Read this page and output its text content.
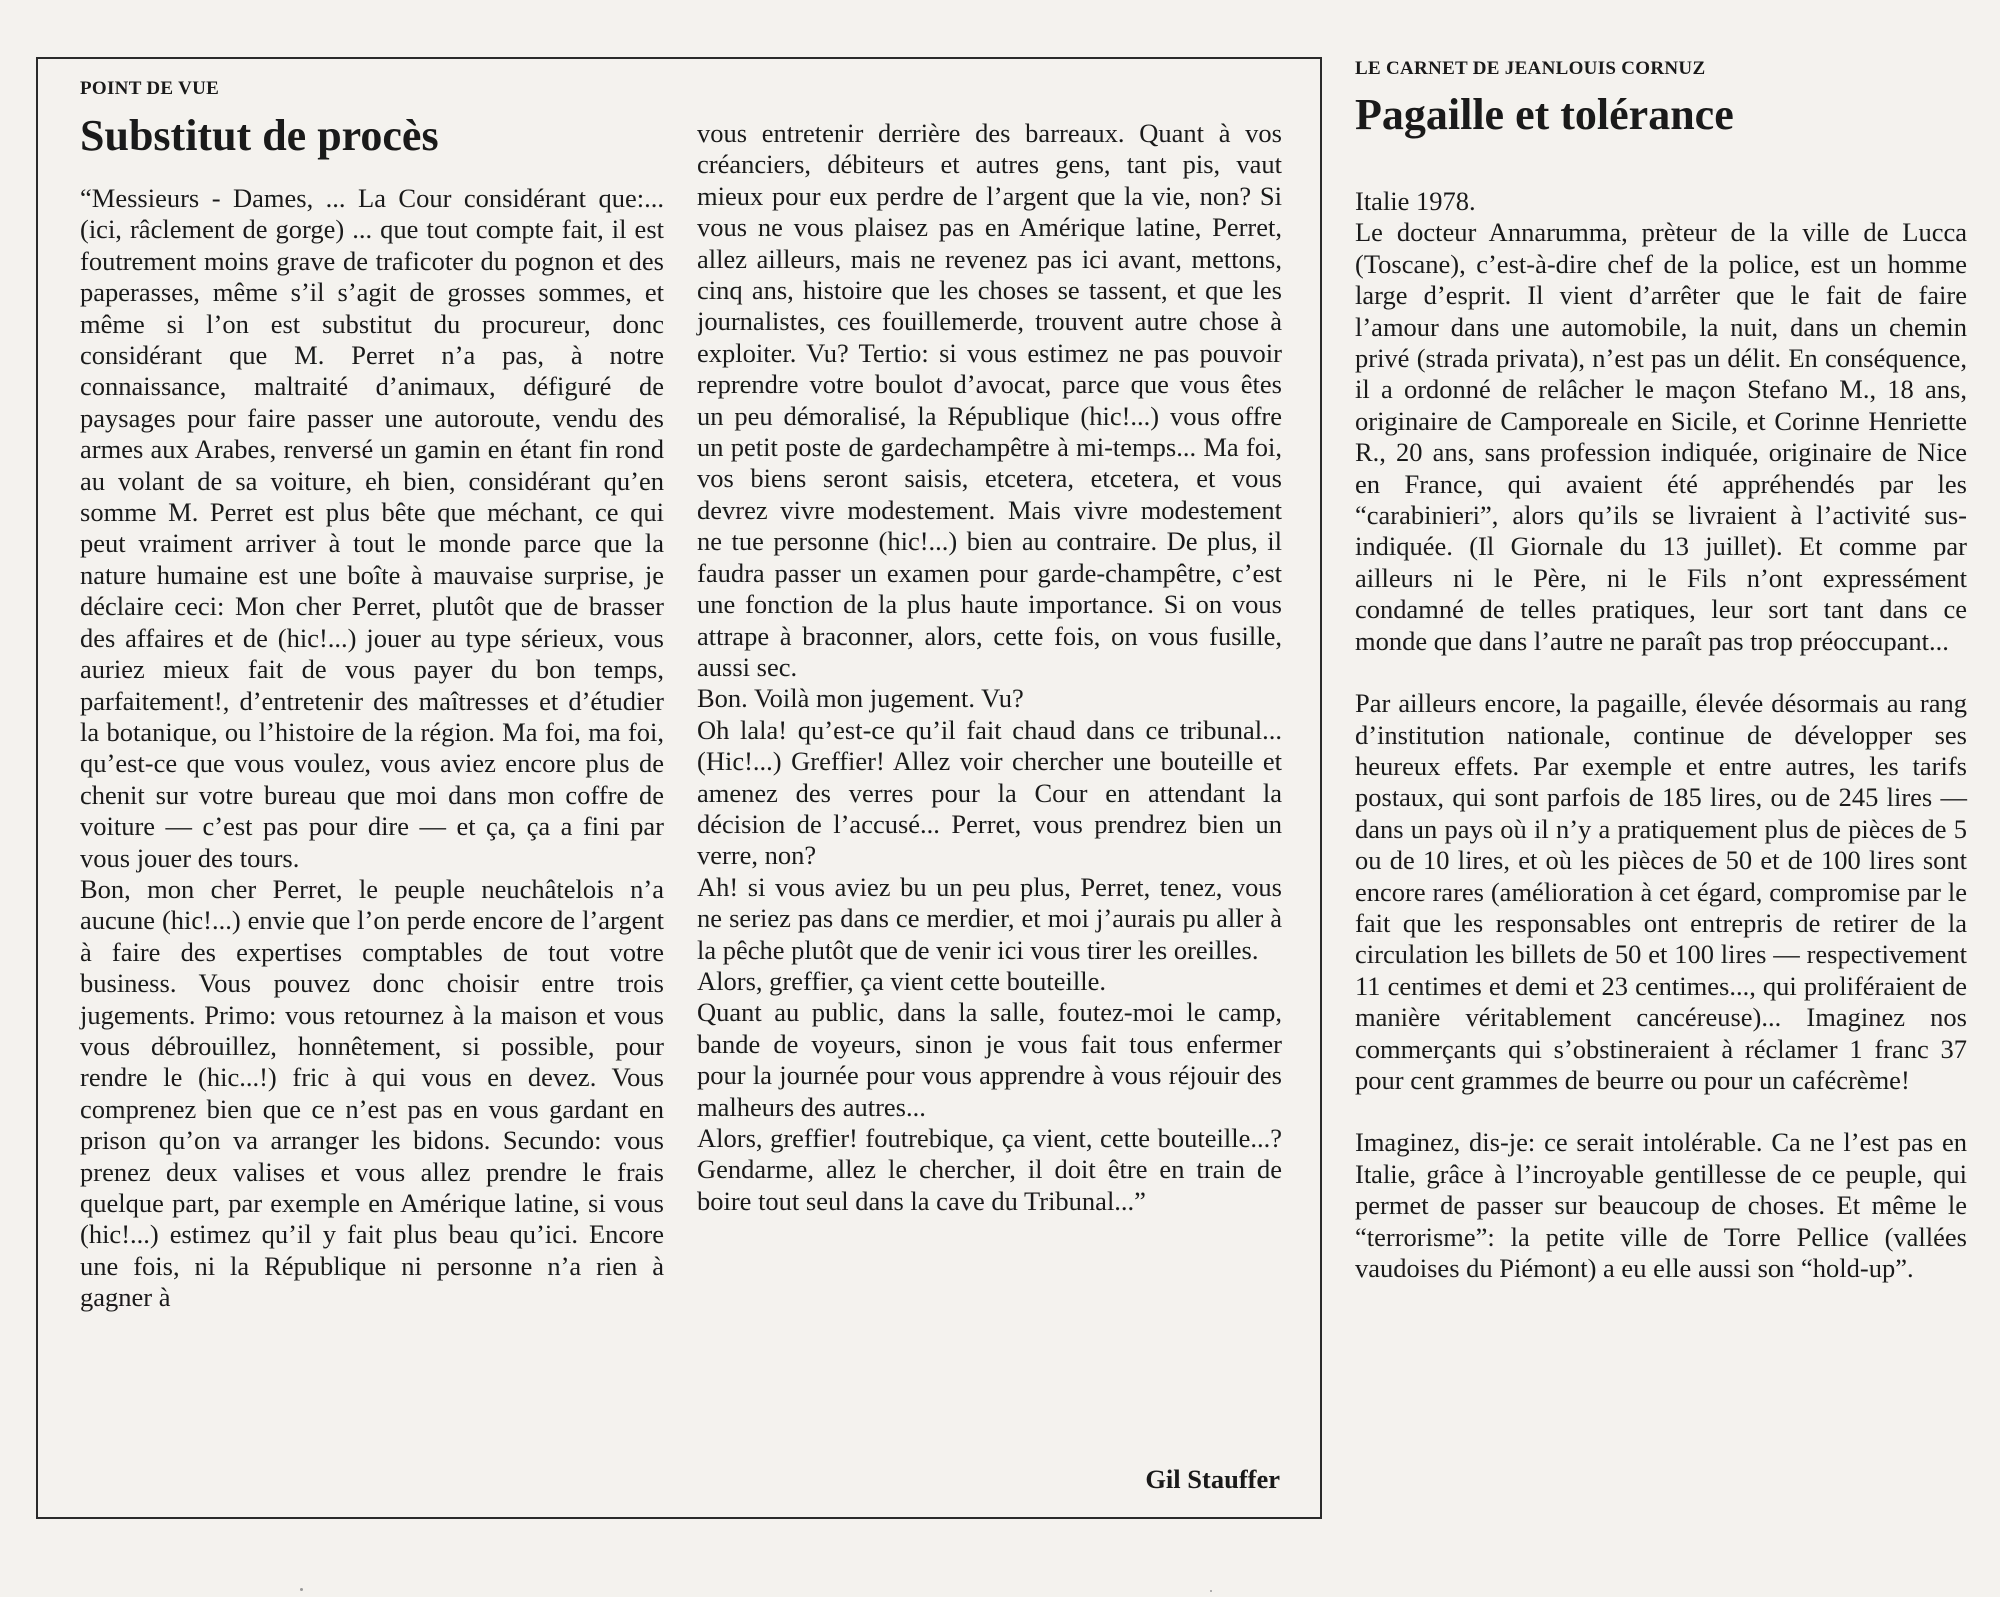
POINT DE VUE
Substitut de procès

“Messieurs - Dames, ... La Cour considérant que:... (ici, râclement de gorge) ... que tout compte fait, il est foutrement moins grave de traficoter du pognon et des paperasses, même s’il s’agit de grosses sommes, et même si l’on est substitut du procureur, donc considérant que M. Perret n’a pas, à notre connaissance, maltraité d’animaux, défiguré de paysages pour faire passer une autoroute, vendu des armes aux Arabes, renversé un gamin en étant fin rond au volant de sa voiture, eh bien, considérant qu’en somme M. Perret est plus bête que méchant, ce qui peut vraiment arriver à tout le monde parce que la nature humaine est une boîte à mauvaise surprise, je déclaire ceci: Mon cher Perret, plutôt que de brasser des affaires et de (hic!...) jouer au type sérieux, vous auriez mieux fait de vous payer du bon temps, parfaitement!, d’entretenir des maîtresses et d’étudier la botanique, ou l’histoire de la région. Ma foi, ma foi, qu’est-ce que vous voulez, vous aviez encore plus de chenit sur votre bureau que moi dans mon coffre de voiture — c’est pas pour dire — et ça, ça a fini par vous jouer des tours.

Bon, mon cher Perret, le peuple neuchâtelois n’a aucune (hic!...) envie que l’on perde encore de l’argent à faire des expertises comptables de tout votre business. Vous pouvez donc choisir entre trois jugements. Primo: vous retournez à la maison et vous vous débrouillez, honnêtement, si possible, pour rendre le (hic...!) fric à qui vous en devez. Vous comprenez bien que ce n’est pas en vous gardant en prison qu’on va arranger les bidons. Secundo: vous prenez deux valises et vous allez prendre le frais quelque part, par exemple en Amérique latine, si vous (hic!...) estimez qu’il y fait plus beau qu’ici. Encore une fois, ni la République ni personne n’a rien à gagner à

vous entretenir derrière des barreaux. Quant à vos créanciers, débiteurs et autres gens, tant pis, vaut mieux pour eux perdre de l’argent que la vie, non? Si vous ne vous plaisez pas en Amérique latine, Perret, allez ailleurs, mais ne revenez pas ici avant, mettons, cinq ans, histoire que les choses se tassent, et que les journalistes, ces fouillemerde, trouvent autre chose à exploiter. Vu? Tertio: si vous estimez ne pas pouvoir reprendre votre boulot d’avocat, parce que vous êtes un peu démoralisé, la République (hic!...) vous offre un petit poste de gardechampêtre à mi-temps... Ma foi, vos biens seront saisis, etcetera, etcetera, et vous devrez vivre modestement. Mais vivre modestement ne tue personne (hic!...) bien au contraire. De plus, il faudra passer un examen pour garde-champêtre, c’est une fonction de la plus haute importance. Si on vous attrape à braconner, alors, cette fois, on vous fusille, aussi sec.

Bon. Voilà mon jugement. Vu?

Oh lala! qu’est-ce qu’il fait chaud dans ce tribunal... (Hic!...) Greffier! Allez voir chercher une bouteille et amenez des verres pour la Cour en attendant la décision de l’accusé... Perret, vous prendrez bien un verre, non?

Ah! si vous aviez bu un peu plus, Perret, tenez, vous ne seriez pas dans ce merdier, et moi j’aurais pu aller à la pêche plutôt que de venir ici vous tirer les oreilles.

Alors, greffier, ça vient cette bouteille.

Quant au public, dans la salle, foutez-moi le camp, bande de voyeurs, sinon je vous fait tous enfermer pour la journée pour vous apprendre à vous réjouir des malheurs des autres...

Alors, greffier! foutrebique, ça vient, cette bouteille...? Gendarme, allez le chercher, il doit être en train de boire tout seul dans la cave du Tribunal...”

Gil Stauffer
LE CARNET DE JEANLOUIS CORNUZ
Pagaille et tolérance

Italie 1978.

Le docteur Annarumma, prèteur de la ville de Lucca (Toscane), c’est-à-dire chef de la police, est un homme large d’esprit. Il vient d’arrêter que le fait de faire l’amour dans une automobile, la nuit, dans un chemin privé (strada privata), n’est pas un délit. En conséquence, il a ordonné de relâcher le maçon Stefano M., 18 ans, originaire de Camporeale en Sicile, et Corinne Henriette R., 20 ans, sans profession indiquée, originaire de Nice en France, qui avaient été appréhendés par les “carabinieri”, alors qu’ils se livraient à l’activité sus-indiquée. (Il Giornale du 13 juillet). Et comme par ailleurs ni le Père, ni le Fils n’ont expressément condamné de telles pratiques, leur sort tant dans ce monde que dans l’autre ne paraît pas trop préoccupant...

Par ailleurs encore, la pagaille, élevée désormais au rang d’institution nationale, continue de développer ses heureux effets. Par exemple et entre autres, les tarifs postaux, qui sont parfois de 185 lires, ou de 245 lires — dans un pays où il n’y a pratiquement plus de pièces de 5 ou de 10 lires, et où les pièces de 50 et de 100 lires sont encore rares (amélioration à cet égard, compromise par le fait que les responsables ont entrepris de retirer de la circulation les billets de 50 et 100 lires — respectivement 11 centimes et demi et 23 centimes..., qui proliféraient de manière véritablement cancéreuse)... Imaginez nos commerçants qui s’obstineraient à réclamer 1 franc 37 pour cent grammes de beurre ou pour un cafécrème!

Imaginez, dis-je: ce serait intolérable. Ca ne l’est pas en Italie, grâce à l’incroyable gentillesse de ce peuple, qui permet de passer sur beaucoup de choses. Et même le “terrorisme”: la petite ville de Torre Pellice (vallées vaudoises du Piémont) a eu elle aussi son “hold-up”.
